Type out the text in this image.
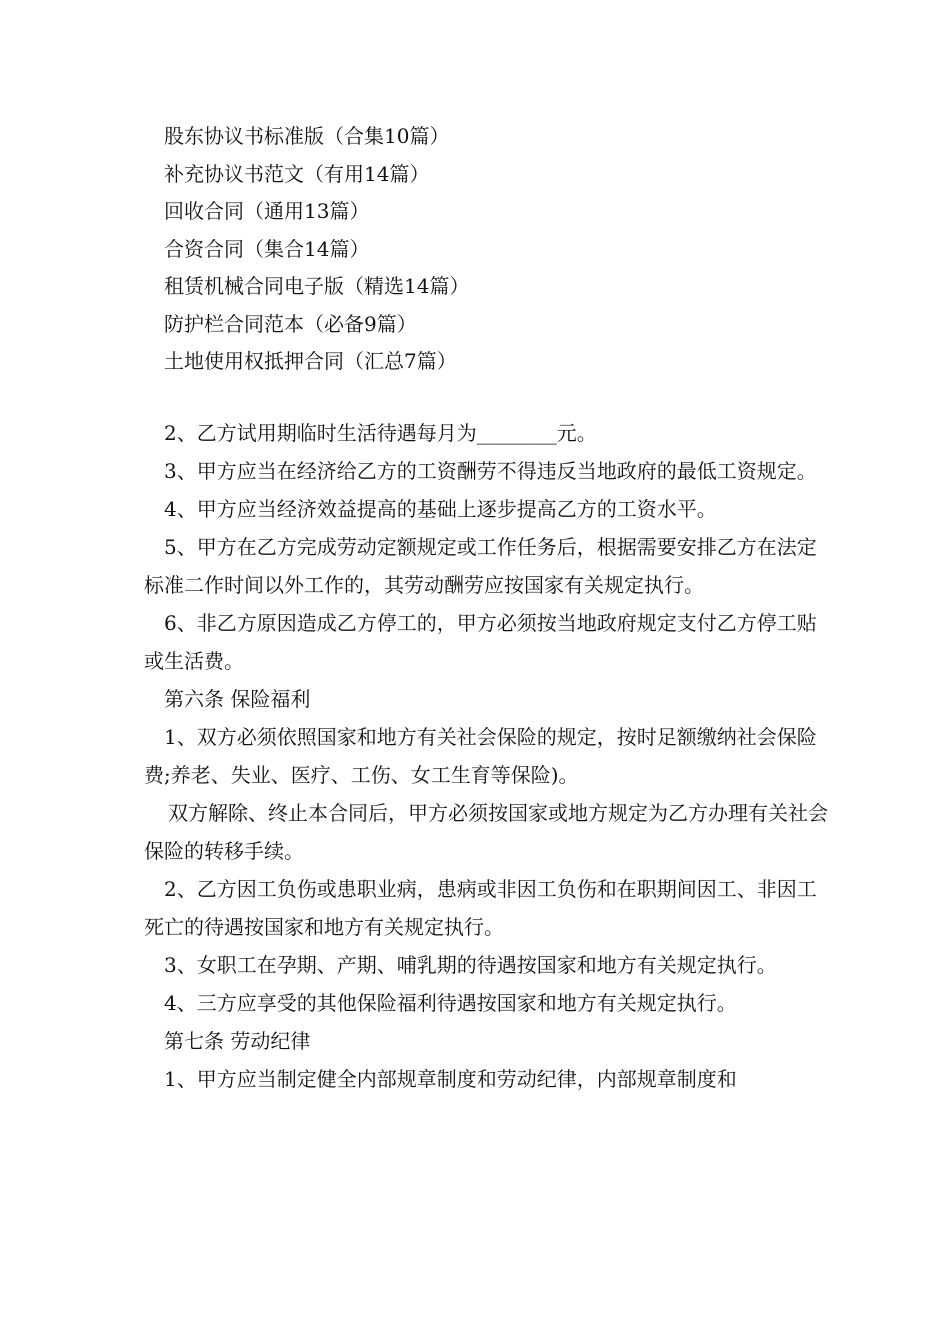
股东协议书标准版（合集10篇）
补充协议书范文（有用14篇）
回收合同（通用13篇）
合资合同（集合14篇）
租赁机械合同电子版（精选14篇）
防护栏合同范本（必备9篇）
土地使用权抵押合同（汇总7篇）

2、乙方试用期临时生活待遇每月为________元。

3、甲方应当在经济给乙方的工资酬劳不得违反当地政府的最低工资规定。

4、甲方应当经济效益提高的基础上逐步提高乙方的工资水平。

5、甲方在乙方完成劳动定额规定或工作任务后，根据需要安排乙方在法定标准二作时间以外工作的，其劳动酬劳应按国家有关规定执行。

6、非乙方原因造成乙方停工的，甲方必须按当地政府规定支付乙方停工贴或生活费。

第六条 保险福利

1、双方必须依照国家和地方有关社会保险的规定，按时足额缴纳社会保险费;养老、失业、医疗、工伤、女工生育等保险)。

双方解除、终止本合同后，甲方必须按国家或地方规定为乙方办理有关社会保险的转移手续。

2、乙方因工负伤或患职业病，患病或非因工负伤和在职期间因工、非因工死亡的待遇按国家和地方有关规定执行。

3、女职工在孕期、产期、哺乳期的待遇按国家和地方有关规定执行。

4、三方应享受的其他保险福利待遇按国家和地方有关规定执行。

第七条 劳动纪律

1、甲方应当制定健全内部规章制度和劳动纪律，内部规章制度和
